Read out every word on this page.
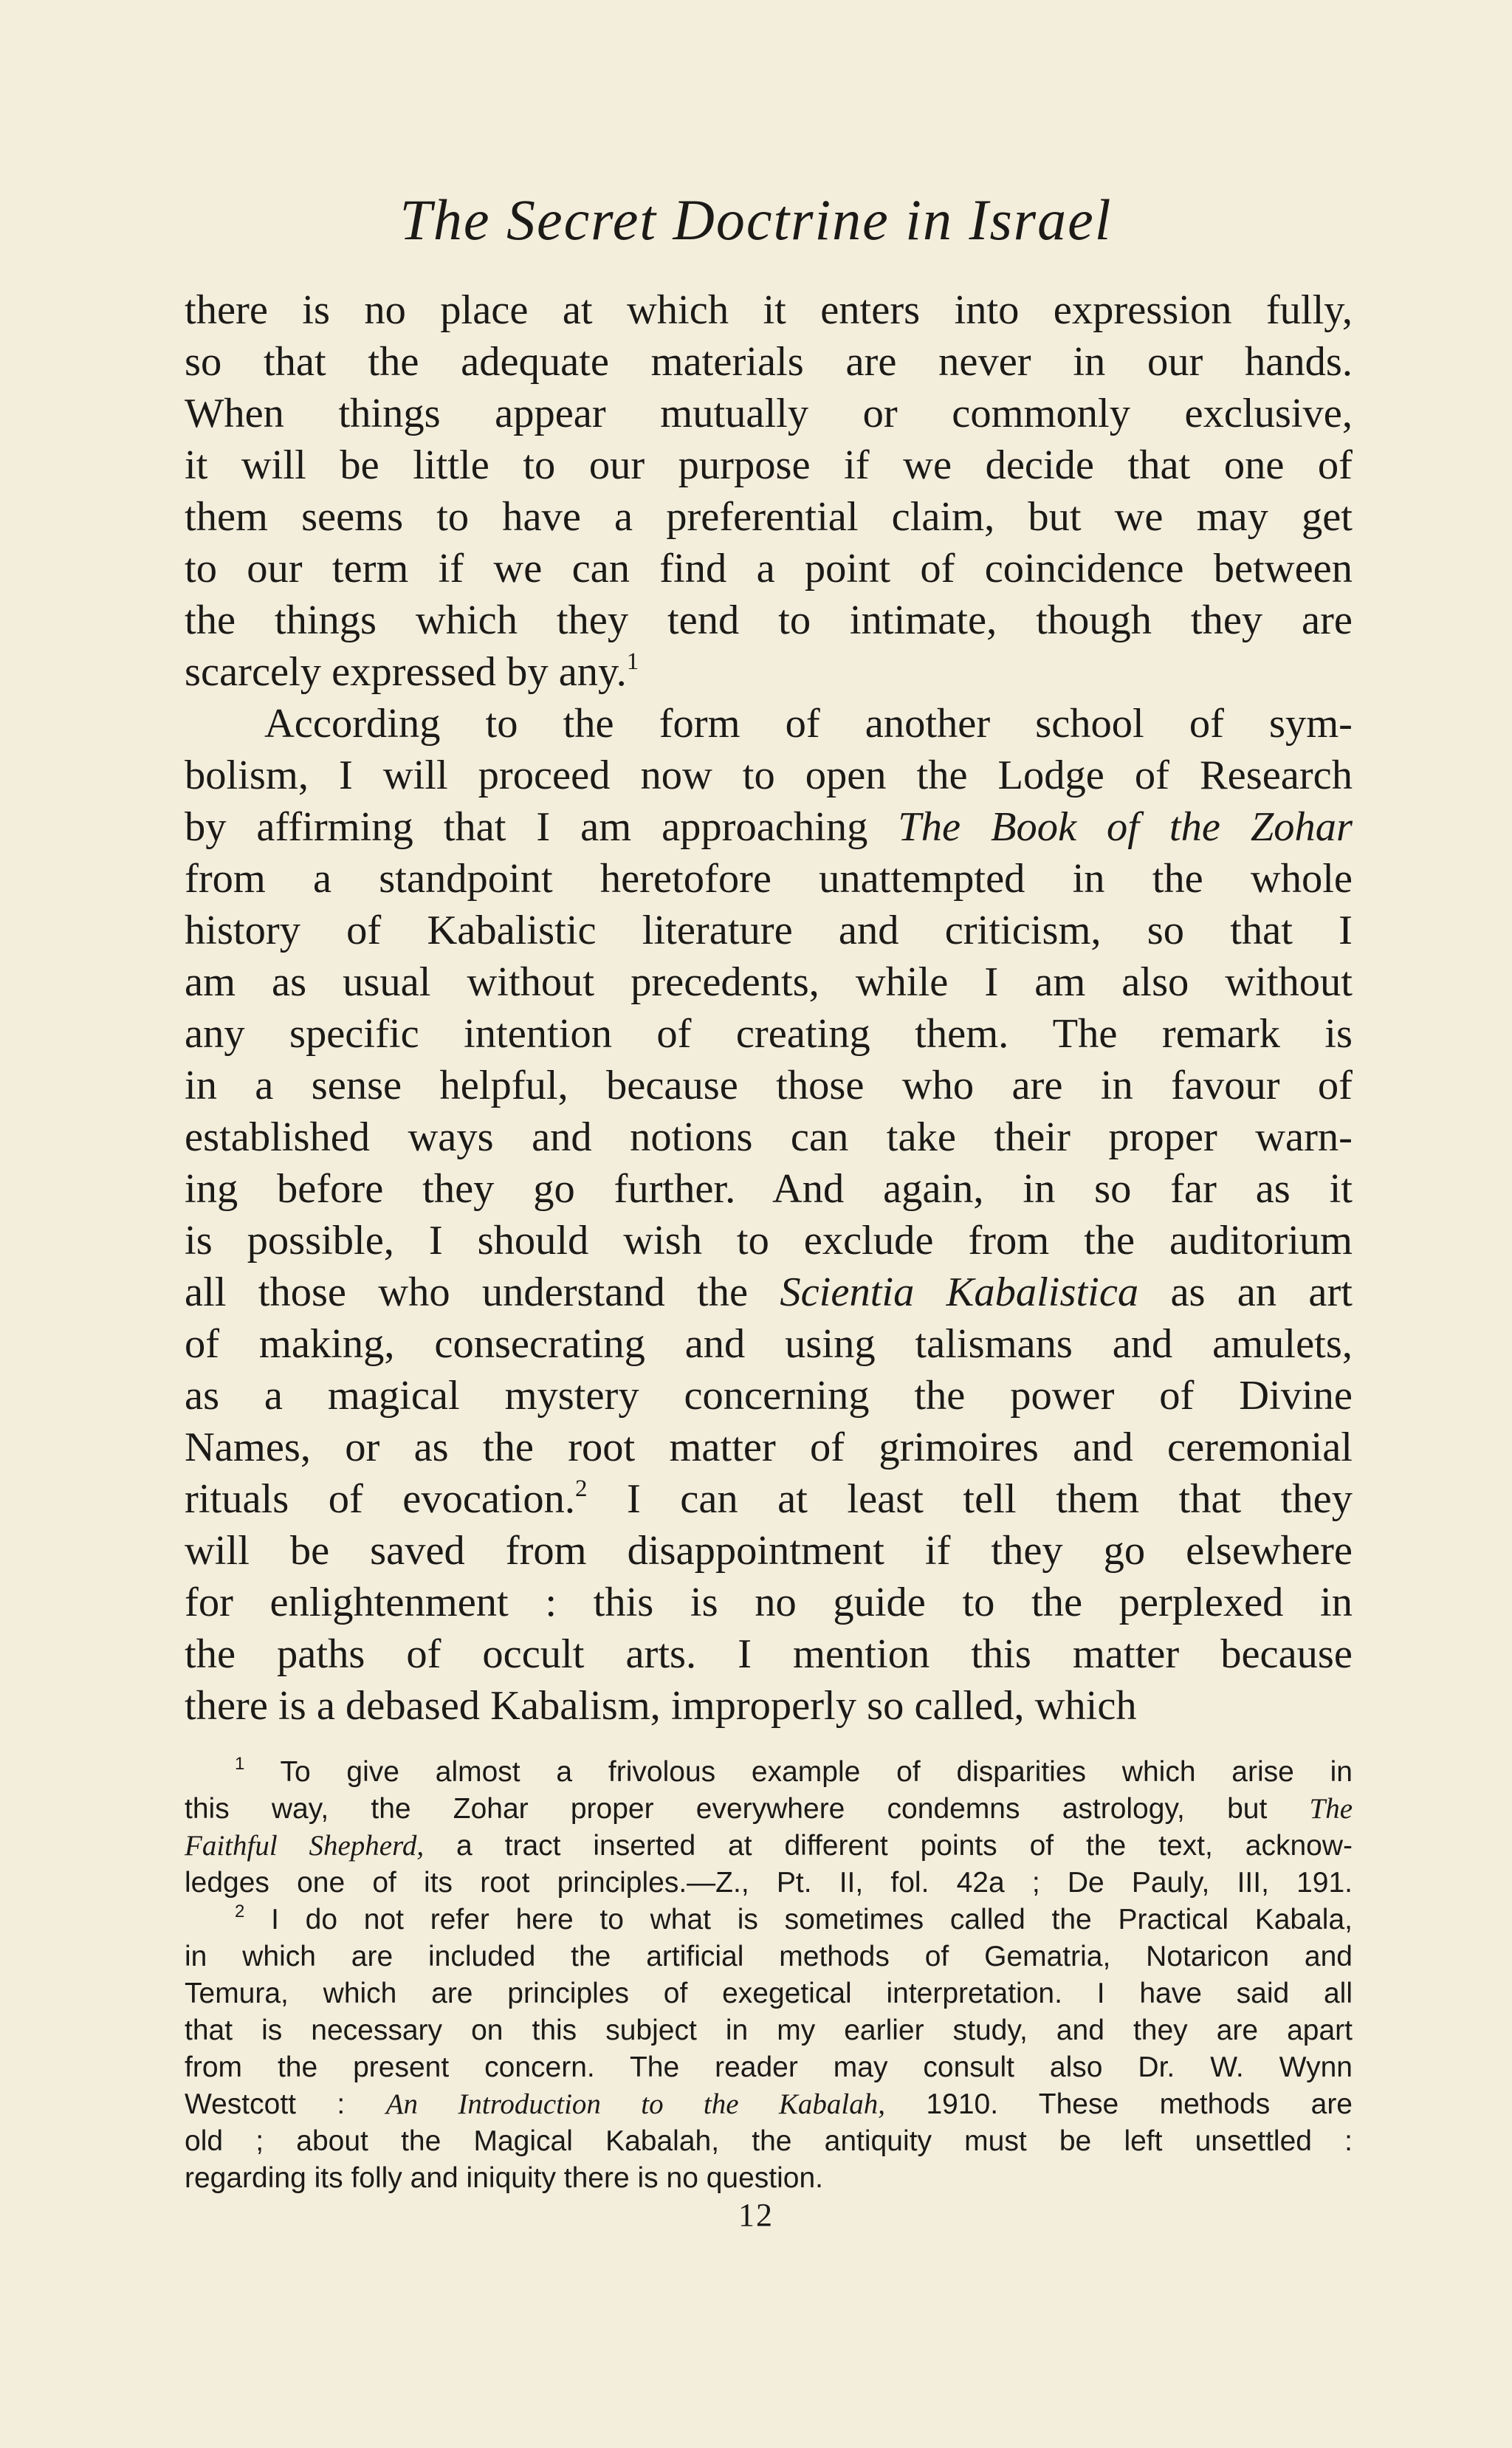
The Secret Doctrine in Israel
there is no place at which it enters into expression fully,
so that the adequate materials are never in our hands.
When things appear mutually or commonly exclusive,
it will be little to our purpose if we decide that one of
them seems to have a preferential claim, but we may get
to our term if we can find a point of coincidence between
the things which they tend to intimate, though they are
scarcely expressed by any.$^1$
According to the form of another school of sym-
bolism, I will proceed now to open the Lodge of Research
by affirming that I am approaching The Book of the Zohar
from a standpoint heretofore unattempted in the whole
history of Kabalistic literature and criticism, so that I
am as usual without precedents, while I am also without
any specific intention of creating them. The remark is
in a sense helpful, because those who are in favour of
established ways and notions can take their proper warn-
ing before they go further. And again, in so far as it
is possible, I should wish to exclude from the auditorium
all those who understand the Scientia Kabalistica as an art
of making, consecrating and using talismans and amulets,
as a magical mystery concerning the power of Divine
Names, or as the root matter of grimoires and ceremonial
rituals of evocation.$^2$ I can at least tell them that they
will be saved from disappointment if they go elsewhere
for enlightenment : this is no guide to the perplexed in
the paths of occult arts. I mention this matter because
there is a debased Kabalism, improperly so called, which
$^1$ To give almost a frivolous example of disparities which arise in
this way, the Zohar proper everywhere condemns astrology, but The
Faithful Shepherd, a tract inserted at different points of the text, acknow-
ledges one of its root principles.—Z., Pt. II, fol. 42a ; De Pauly, III, 191.
$^2$ I do not refer here to what is sometimes called the Practical Kabala,
in which are included the artificial methods of Gematria, Notaricon and
Temura, which are principles of exegetical interpretation. I have said all
that is necessary on this subject in my earlier study, and they are apart
from the present concern. The reader may consult also Dr. W. Wynn
Westcott : An Introduction to the Kabalah, 1910. These methods are
old ; about the Magical Kabalah, the antiquity must be left unsettled :
regarding its folly and iniquity there is no question.
12
